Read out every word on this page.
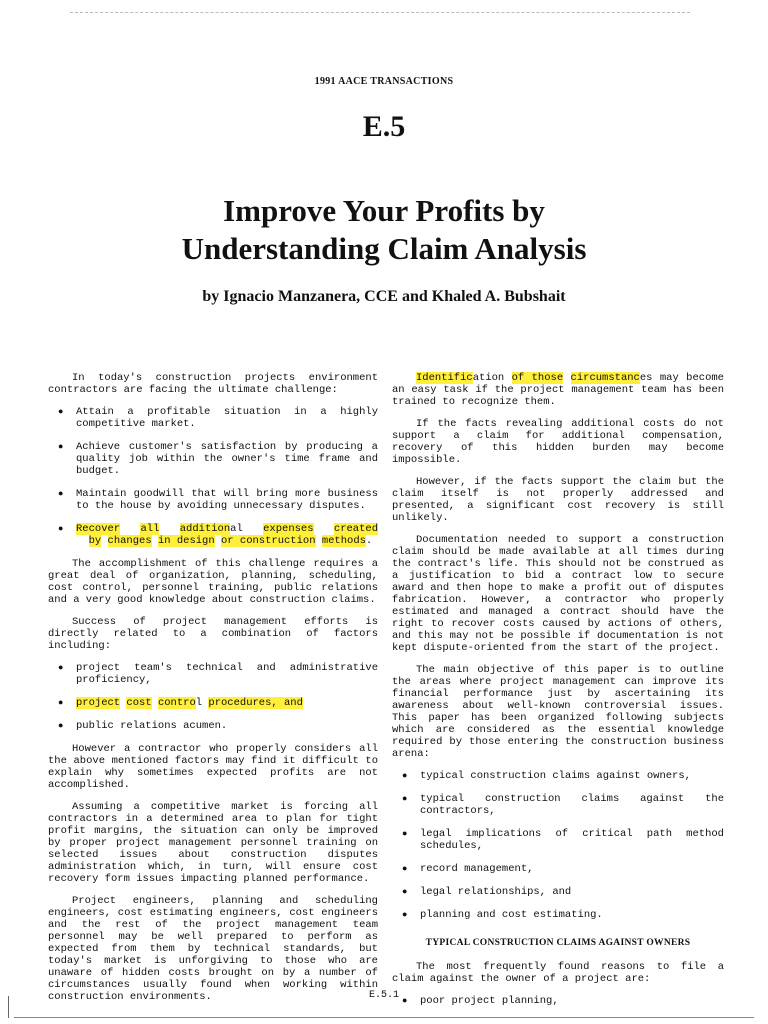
1991 AACE TRANSACTIONS
E.5
Improve Your Profits by
Understanding Claim Analysis
by Ignacio Manzanera, CCE and Khaled A. Bubshait

In today's construction projects environment contractors are facing the ultimate challenge:

● Attain a profitable situation in a highly competitive market.
● Achieve customer's satisfaction by producing a quality job within the owner's time frame and budget.
● Maintain goodwill that will bring more business to the house by avoiding unnecessary disputes.
● Recover all additional expenses created   by changes in design or construction methods.

The accomplishment of this challenge requires a great deal of organization, planning, scheduling, cost control, personnel training, public relations and a very good knowledge about construction claims.

Success of project management efforts is directly related to a combination of factors including:

● project team's technical and administrative proficiency,
● project cost control procedures, and
● public relations acumen.

However a contractor who properly considers all the above mentioned factors may find it difficult to explain why sometimes expected profits are not accomplished.

Assuming a competitive market is forcing all contractors in a determined area to plan for tight profit margins, the situation can only be improved by proper project management personnel training on selected issues about construction disputes administration which, in turn, will ensure cost recovery form issues impacting planned performance.

Project engineers, planning and scheduling engineers, cost estimating engineers, cost engineers and the rest of the project management team personnel may be well prepared to perform as expected from them by technical standards, but today's market is unforgiving to those who are unaware of hidden costs brought on by a number of circumstances usually found when working within construction environments.

Identification of those circumstances may become an easy task if the project management team has been trained to recognize them.

If the facts revealing additional costs do not support a claim for additional compensation, recovery of this hidden burden may become impossible.

However, if the facts support the claim but the claim itself is not properly addressed and presented, a significant cost recovery is still unlikely.

Documentation needed to support a construction claim should be made available at all times during the contract's life. This should not be construed as a justification to bid a contract low to secure award and then hope to make a profit out of disputes fabrication. However, a contractor who properly estimated and managed a contract should have the right to recover costs caused by actions of others, and this may not be possible if documentation is not kept dispute-oriented from the start of the project.

The main objective of this paper is to outline the areas where project management can improve its financial performance just by ascertaining its awareness about well-known controversial issues. This paper has been organized following subjects which are considered as the essential knowledge required by those entering the construction business arena:

● typical construction claims against owners,
● typical construction claims against the contractors,
● legal implications of critical path method schedules,
● record management,
● legal relationships, and
● planning and cost estimating.
TYPICAL CONSTRUCTION CLAIMS AGAINST OWNERS

The most frequently found reasons to file a claim against the owner of a project are:

● poor project planning,
E.5.1
